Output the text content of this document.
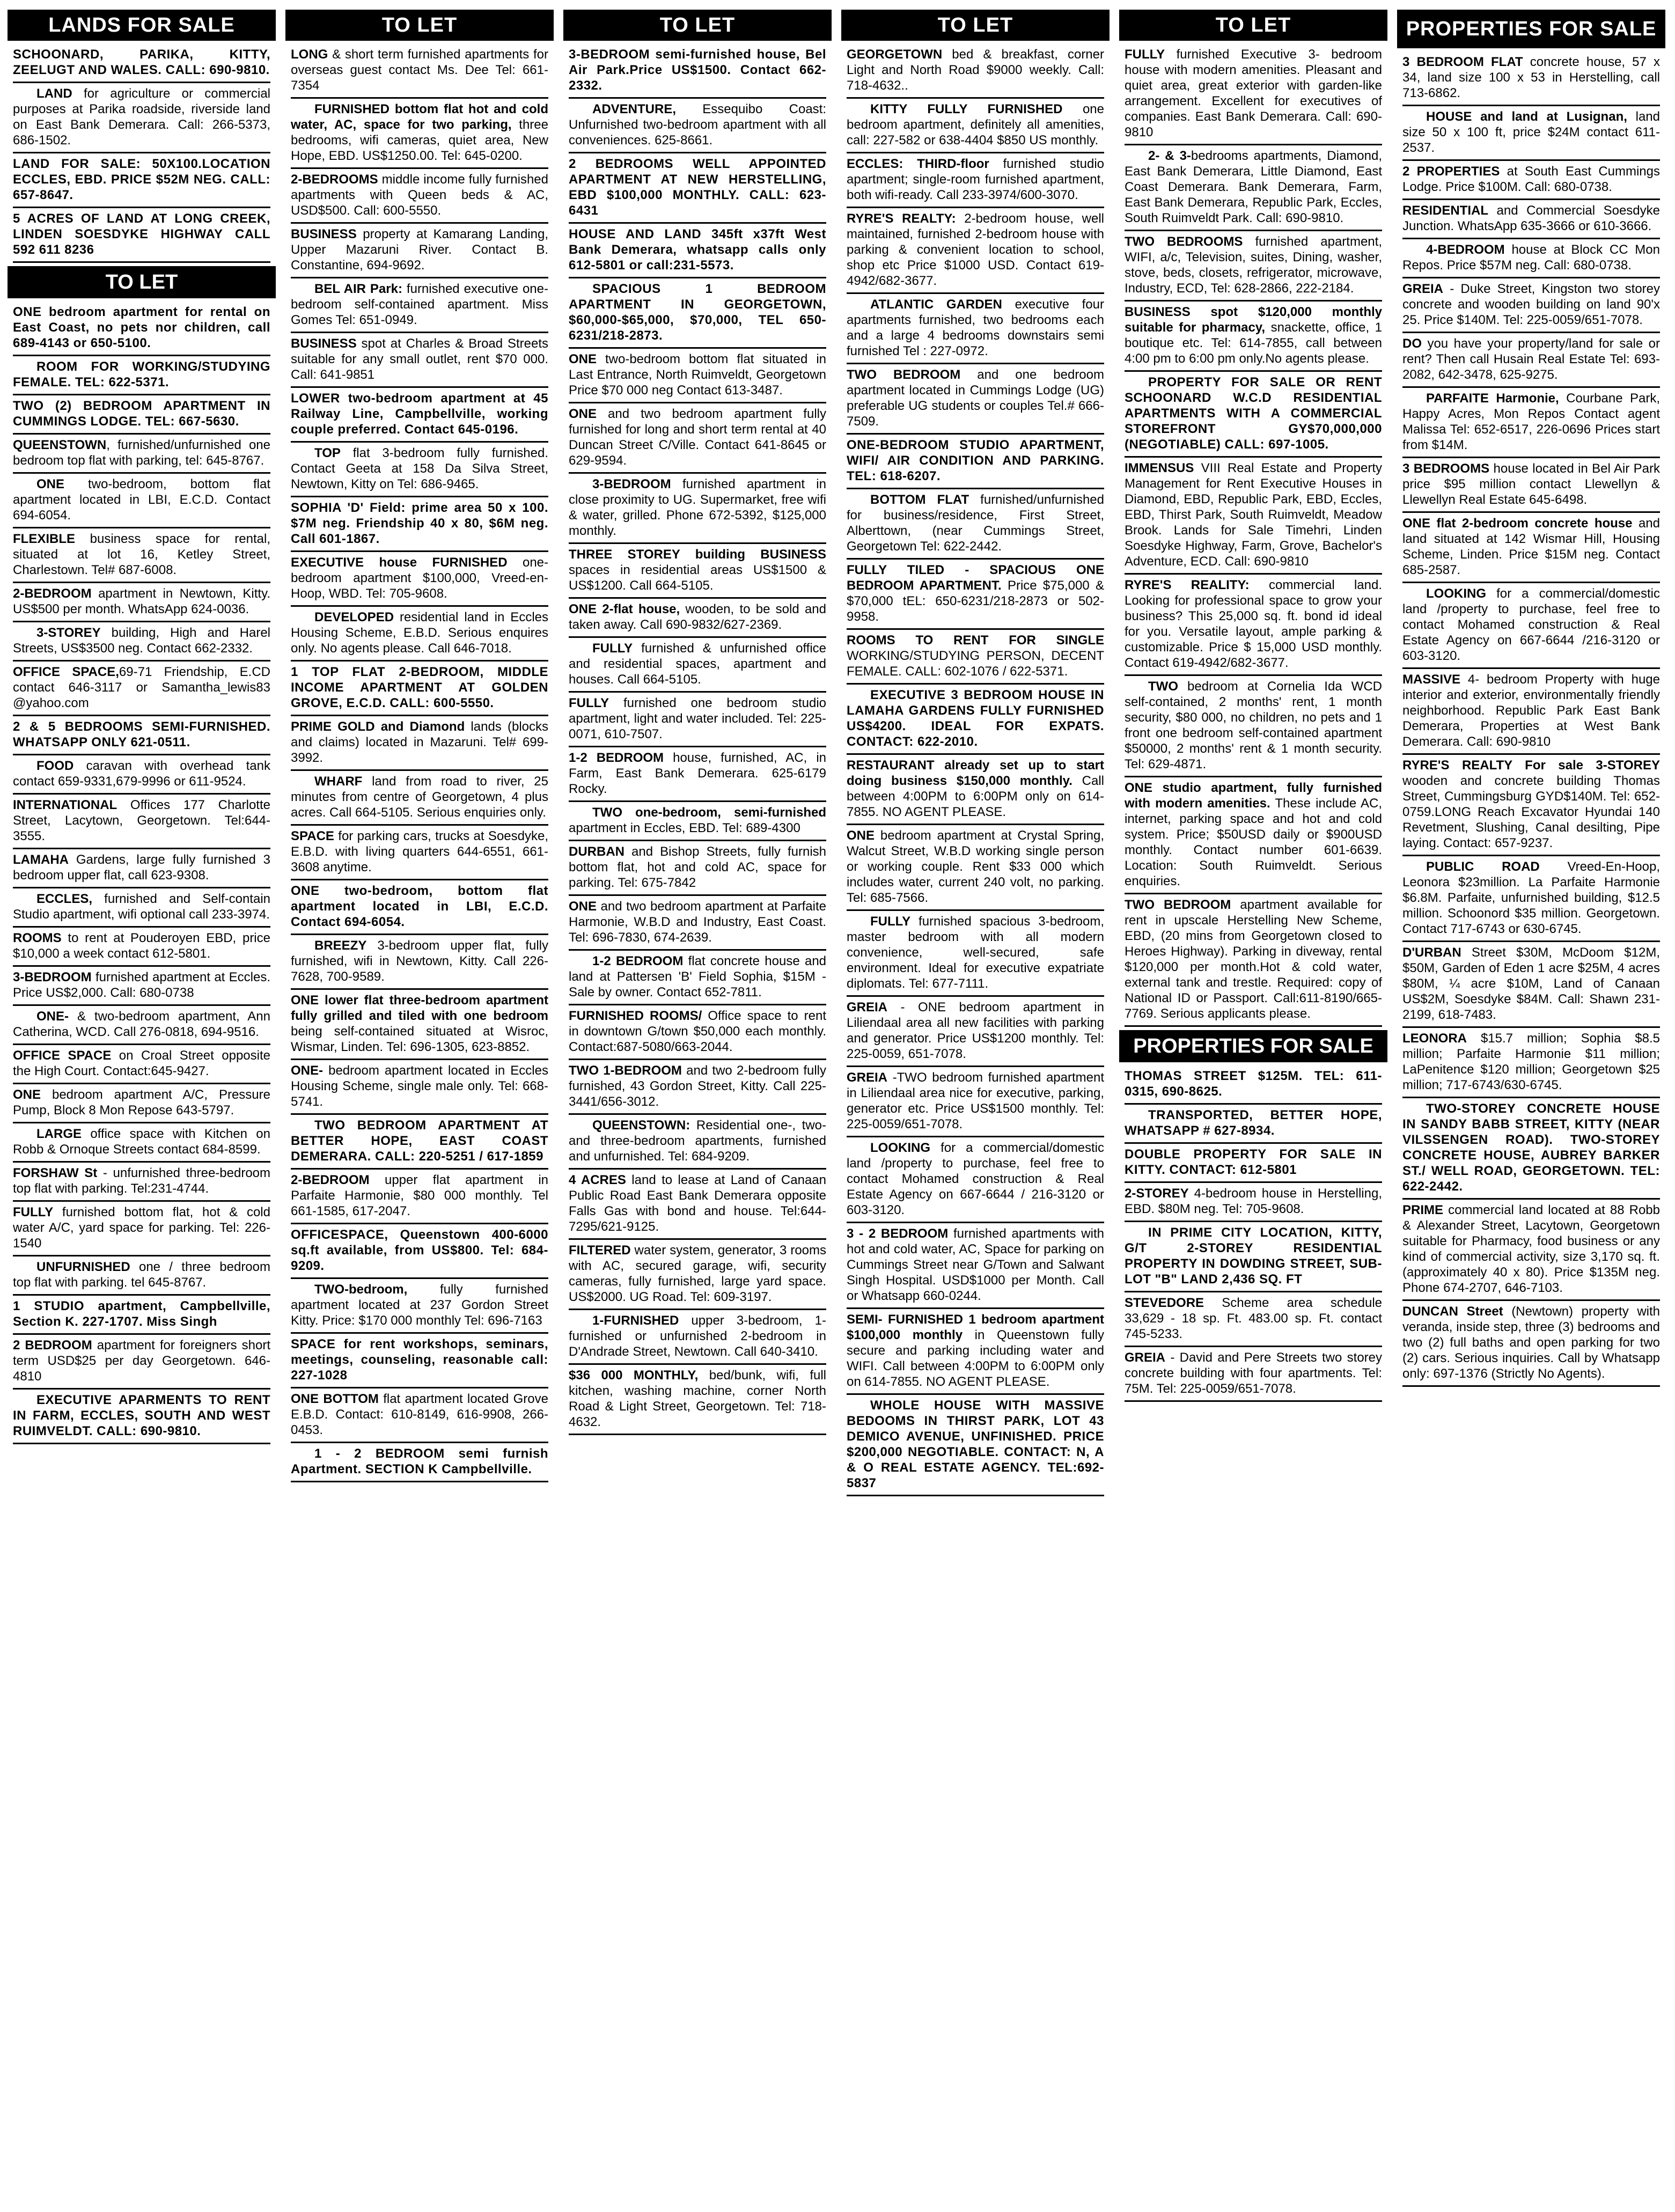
LANDS FOR SALE
SCHOONARD, PARIKA, KITTY, ZEELUGT AND WALES. CALL: 690-9810.
LAND for agriculture or commercial purposes at Parika roadside, riverside land on East Bank Demerara. Call: 266-5373, 686-1502.
LAND FOR SALE: 50X100.LOCATION ECCLES, EBD. PRICE $52M NEG. CALL: 657-8647.
5 ACRES OF LAND AT LONG CREEK, LINDEN SOESDYKE HIGHWAY CALL 592 611 8236
TO LET
ONE bedroom apartment for rental on East Coast, no pets nor children, call 689-4143 or 650-5100.
ROOM FOR WORKING/STUDYING FEMALE. TEL: 622-5371.
TWO (2) BEDROOM APARTMENT IN CUMMINGS LODGE. TEL: 667-5630.
QUEENSTOWN, furnished/unfurnished one bedroom top flat with parking, tel: 645-8767.
ONE two-bedroom, bottom flat apartment located in LBI, E.C.D. Contact 694-6054.
FLEXIBLE business space for rental, situated at lot 16, Ketley Street, Charlestown. Tel# 687-6008.
2-BEDROOM apartment in Newtown, Kitty. US$500 per month. WhatsApp 624-0036.
3-STOREY building, High and Harel Streets, US$3500 neg. Contact 662-2332.
OFFICE SPACE,69-71 Friendship, E.CD contact 646-3117 or Samantha_lewis83 @yahoo.com
2 & 5 BEDROOMS SEMI-FURNISHED. WHATSAPP ONLY 621-0511.
FOOD caravan with overhead tank contact 659-9331,679-9996 or 611-9524.
INTERNATIONAL Offices 177 Charlotte Street, Lacytown, Georgetown. Tel:644-3555.
LAMAHA Gardens, large fully furnished 3 bedroom upper flat, call 623-9308.
ECCLES, furnished and Self-contain Studio apartment, wifi optional call 233-3974.
ROOMS to rent at Pouderoyen EBD, price $10,000 a week contact 612-5801.
3-BEDROOM furnished apartment at Eccles. Price US$2,000. Call: 680-0738
ONE- & two-bedroom apartment, Ann Catherina, WCD. Call 276-0818, 694-9516.
OFFICE SPACE on Croal Street opposite the High Court. Contact:645-9427.
ONE bedroom apartment A/C, Pressure Pump, Block 8 Mon Repose 643-5797.
LARGE office space with Kitchen on Robb & Ornoque Streets contact 684-8599.
FORSHAW St - unfurnished three-bedroom top flat with parking. Tel:231-4744.
FULLY furnished bottom flat, hot & cold water A/C, yard space for parking. Tel: 226-1540
UNFURNISHED one / three bedroom top flat with parking. tel 645-8767.
1 STUDIO apartment, Campbellville, Section K. 227-1707. Miss Singh
2 BEDROOM apartment for foreigners short term USD$25 per day Georgetown. 646-4810
EXECUTIVE APARMENTS TO RENT IN FARM, ECCLES, SOUTH AND WEST RUIMVELDT. CALL: 690-9810.
TO LET
LONG & short term furnished apartments for overseas guest contact Ms. Dee Tel: 661-7354
FURNISHED bottom flat hot and cold water, AC, space for two parking, three bedrooms, wifi cameras, quiet area, New Hope, EBD. US$1250.00. Tel: 645-0200.
2-BEDROOMS middle income fully furnished apartments with Queen beds & AC, USD$500. Call: 600-5550.
BUSINESS property at Kamarang Landing, Upper Mazaruni River. Contact B. Constantine, 694-9692.
BEL AIR Park: furnished executive one-bedroom self-contained apartment. Miss Gomes Tel: 651-0949.
BUSINESS spot at Charles & Broad Streets suitable for any small outlet, rent $70 000. Call: 641-9851
LOWER two-bedroom apartment at 45 Railway Line, Campbellville, working couple preferred. Contact 645-0196.
TOP flat 3-bedroom fully furnished. Contact Geeta at 158 Da Silva Street, Newtown, Kitty on Tel: 686-9465.
SOPHIA 'D' Field: prime area 50 x 100. $7M neg. Friendship 40 x 80, $6M neg. Call 601-1867.
EXECUTIVE house FURNISHED one-bedroom apartment $100,000, Vreed-en-Hoop, WBD. Tel: 705-9608.
DEVELOPED residential land in Eccles Housing Scheme, E.B.D. Serious enquires only. No agents please. Call 646-7018.
1 TOP FLAT 2-BEDROOM, MIDDLE INCOME APARTMENT AT GOLDEN GROVE, E.C.D. CALL: 600-5550.
PRIME GOLD and Diamond lands (blocks and claims) located in Mazaruni. Tel# 699-3992.
WHARF land from road to river, 25 minutes from centre of Georgetown, 4 plus acres. Call 664-5105. Serious enquiries only.
SPACE for parking cars, trucks at Soesdyke, E.B.D. with living quarters 644-6551, 661-3608 anytime.
ONE two-bedroom, bottom flat apartment located in LBI, E.C.D. Contact 694-6054.
BREEZY 3-bedroom upper flat, fully furnished, wifi in Newtown, Kitty. Call 226-7628, 700-9589.
ONE lower flat three-bedroom apartment fully grilled and tiled with one bedroom being self-contained situated at Wisroc, Wismar, Linden. Tel: 696-1305, 623-8852.
ONE- bedroom apartment located in Eccles Housing Scheme, single male only. Tel: 668-5741.
TWO BEDROOM APARTMENT AT BETTER HOPE, EAST COAST DEMERARA. CALL: 220-5251 / 617-1859
2-BEDROOM upper flat apartment in Parfaite Harmonie, $80 000 monthly. Tel 661-1585, 617-2047.
OFFICESPACE, Queenstown 400-6000 sq.ft available, from US$800. Tel: 684-9209.
TWO-bedroom, fully furnished apartment located at 237 Gordon Street Kitty. Price: $170 000 monthly Tel: 696-7163
SPACE for rent workshops, seminars, meetings, counseling, reasonable call: 227-1028
ONE BOTTOM flat apartment located Grove E.B.D. Contact: 610-8149, 616-9908, 266-0453.
1 - 2 BEDROOM semi furnish Apartment. SECTION K Campbellville.
TO LET
3-BEDROOM semi-furnished house, Bel Air Park.Price US$1500. Contact 662-2332.
ADVENTURE, Essequibo Coast: Unfurnished two-bedroom apartment with all conveniences. 625-8661.
2 BEDROOMS WELL APPOINTED APARTMENT AT NEW HERSTELLING, EBD $100,000 MONTHLY. CALL: 623-6431
HOUSE AND LAND 345ft x37ft West Bank Demerara, whatsapp calls only 612-5801 or call:231-5573.
SPACIOUS 1 BEDROOM APARTMENT IN GEORGETOWN, $60,000-$65,000, $70,000, TEL 650-6231/218-2873.
ONE two-bedroom bottom flat situated in Last Entrance, North Ruimveldt, Georgetown Price $70 000 neg Contact 613-3487.
ONE and two bedroom apartment fully furnished for long and short term rental at 40 Duncan Street C/Ville. Contact 641-8645 or 629-9594.
3-BEDROOM furnished apartment in close proximity to UG. Supermarket, free wifi & water, grilled. Phone 672-5392, $125,000 monthly.
THREE STOREY building BUSINESS spaces in residential areas US$1500 & US$1200. Call 664-5105.
ONE 2-flat house, wooden, to be sold and taken away. Call 690-9832/627-2369.
FULLY furnished & unfurnished office and residential spaces, apartment and houses. Call 664-5105.
FULLY furnished one bedroom studio apartment, light and water included. Tel: 225-0071, 610-7507.
1-2 BEDROOM house, furnished, AC, in Farm, East Bank Demerara. 625-6179 Rocky.
TWO one-bedroom, semi-furnished apartment in Eccles, EBD. Tel: 689-4300
DURBAN and Bishop Streets, fully furnish bottom flat, hot and cold AC, space for parking. Tel: 675-7842
ONE and two bedroom apartment at Parfaite Harmonie, W.B.D and Industry, East Coast. Tel: 696-7830, 674-2639.
1-2 BEDROOM flat concrete house and land at Pattersen 'B' Field Sophia, $15M - Sale by owner. Contact 652-7811.
FURNISHED ROOMS/ Office space to rent in downtown G/town $50,000 each monthly. Contact:687-5080/663-2044.
TWO 1-BEDROOM and two 2-bedroom fully furnished, 43 Gordon Street, Kitty. Call 225- 3441/656-3012.
QUEENSTOWN: Residential one-, two- and three-bedroom apartments, furnished and unfurnished. Tel: 684-9209.
4 ACRES land to lease at Land of Canaan Public Road East Bank Demerara opposite Falls Gas with bond and house. Tel:644-7295/621-9125.
FILTERED water system, generator, 3 rooms with AC, secured garage, wifi, security cameras, fully furnished, large yard space. US$2000. UG Road. Tel: 609-3197.
1-FURNISHED upper 3-bedroom, 1-furnished or unfurnished 2-bedroom in D'Andrade Street, Newtown. Call 640-3410.
$36 000 MONTHLY, bed/bunk, wifi, full kitchen, washing machine, corner North Road & Light Street, Georgetown. Tel: 718-4632.
TO LET
GEORGETOWN bed & breakfast, corner Light and North Road $9000 weekly. Call: 718-4632..
KITTY FULLY FURNISHED one bedroom apartment, definitely all amenities, call: 227-582 or 638-4404 $850 US monthly.
ECCLES: THIRD-floor furnished studio apartment; single-room furnished apartment, both wifi-ready. Call 233-3974/600-3070.
RYRE'S REALTY: 2-bedroom house, well maintained, furnished 2-bedroom house with parking & convenient location to school, shop etc Price $1000 USD. Contact 619-4942/682-3677.
ATLANTIC GARDEN executive four apartments furnished, two bedrooms each and a large 4 bedrooms downstairs semi furnished Tel : 227-0972.
TWO BEDROOM and one bedroom apartment located in Cummings Lodge (UG) preferable UG students or couples Tel.# 666-7509.
ONE-BEDROOM STUDIO APARTMENT, WIFI/ AIR CONDITION AND PARKING. TEL: 618-6207.
BOTTOM FLAT furnished/unfurnished for business/residence, First Street, Alberttown, (near Cummings Street, Georgetown Tel: 622-2442.
FULLY TILED - SPACIOUS ONE BEDROOM APARTMENT. Price $75,000 & $70,000 tEL: 650-6231/218-2873 or 502-9958.
ROOMS TO RENT FOR SINGLE WORKING/STUDYING PERSON, DECENT FEMALE. CALL: 602-1076 / 622-5371.
EXECUTIVE 3 BEDROOM HOUSE IN LAMAHA GARDENS FULLY FURNISHED US$4200. IDEAL FOR EXPATS. CONTACT: 622-2010.
RESTAURANT already set up to start doing business $150,000 monthly. Call between 4:00PM to 6:00PM only on 614-7855. NO AGENT PLEASE.
ONE bedroom apartment at Crystal Spring, Walcut Street, W.B.D working single person or working couple. Rent $33 000 which includes water, current 240 volt, no parking. Tel: 685-7566.
FULLY furnished spacious 3-bedroom, master bedroom with all modern convenience, well-secured, safe environment. Ideal for executive expatriate diplomats. Tel: 677-7111.
GREIA - ONE bedroom apartment in Liliendaal area all new facilities with parking and generator. Price US$1200 monthly. Tel: 225-0059, 651-7078.
GREIA -TWO bedroom furnished apartment in Liliendaal area nice for executive, parking, generator etc. Price US$1500 monthly. Tel: 225-0059/651-7078.
LOOKING for a commercial/domestic land /property to purchase, feel free to contact Mohamed construction & Real Estate Agency on 667-6644 / 216-3120 or 603-3120.
3 - 2 BEDROOM furnished apartments with hot and cold water, AC, Space for parking on Cummings Street near G/Town and Salwant Singh Hospital. USD$1000 per Month. Call or Whatsapp 660-0244.
SEMI- FURNISHED 1 bedroom apartment $100,000 monthly in Queenstown fully secure and parking including water and WIFI. Call between 4:00PM to 6:00PM only on 614-7855. NO AGENT PLEASE.
WHOLE HOUSE WITH MASSIVE BEDOOMS IN THIRST PARK, LOT 43 DEMICO AVENUE, UNFINISHED. PRICE $200,000 NEGOTIABLE. CONTACT: N, A & O REAL ESTATE AGENCY. TEL:692-5837
TO LET
FULLY furnished Executive 3- bedroom house with modern amenities. Pleasant and quiet area, great exterior with garden-like arrangement. Excellent for executives of companies. East Bank Demerara. Call: 690-9810
2- & 3-bedrooms apartments, Diamond, East Bank Demerara, Little Diamond, East Coast Demerara. Bank Demerara, Farm, East Bank Demerara, Republic Park, Eccles, South Ruimveldt Park. Call: 690-9810.
TWO BEDROOMS furnished apartment, WIFI, a/c, Television, suites, Dining, washer, stove, beds, closets, refrigerator, microwave, Industry, ECD, Tel: 628-2866, 222-2184.
BUSINESS spot $120,000 monthly suitable for pharmacy, snackette, office, 1 boutique etc. Tel: 614-7855, call between 4:00 pm to 6:00 pm only.No agents please.
PROPERTY FOR SALE OR RENT SCHOONARD W.C.D RESIDENTIAL APARTMENTS WITH A COMMERCIAL STOREFRONT GY$70,000,000 (NEGOTIABLE) CALL: 697-1005.
IMMENSUS VIII Real Estate and Property Management for Rent Executive Houses in Diamond, EBD, Republic Park, EBD, Eccles, EBD, Thirst Park, South Ruimveldt, Meadow Brook. Lands for Sale Timehri, Linden Soesdyke Highway, Farm, Grove, Bachelor's Adventure, ECD. Call: 690-9810
RYRE'S REALITY: commercial land. Looking for professional space to grow your business? This 25,000 sq. ft. bond id ideal for you. Versatile layout, ample parking & customizable. Price $ 15,000 USD monthly. Contact 619-4942/682-3677.
TWO bedroom at Cornelia Ida WCD self-contained, 2 months' rent, 1 month security, $80 000, no children, no pets and 1 front one bedroom self-contained apartment $50000, 2 months' rent & 1 month security. Tel: 629-4871.
ONE studio apartment, fully furnished with modern amenities. These include AC, internet, parking space and hot and cold system. Price; $50USD daily or $900USD monthly. Contact number 601-6639. Location: South Ruimveldt. Serious enquiries.
TWO BEDROOM apartment available for rent in upscale Herstelling New Scheme, EBD, (20 mins from Georgetown closed to Heroes Highway). Parking in diveway, rental $120,000 per month.Hot & cold water, external tank and trestle. Required: copy of National ID or Passport. Call:611-8190/665-7769. Serious applicants please.
PROPERTIES FOR SALE
THOMAS STREET $125M. TEL: 611-0315, 690-8625.
TRANSPORTED, BETTER HOPE, WHATSAPP # 627-8934.
DOUBLE PROPERTY FOR SALE IN KITTY. CONTACT: 612-5801
2-STOREY 4-bedroom house in Herstelling, EBD. $80M neg. Tel: 705-9608.
IN PRIME CITY LOCATION, KITTY, G/T 2-STOREY RESIDENTIAL PROPERTY IN DOWDING STREET, SUB-LOT "B" LAND 2,436 SQ. FT
STEVEDORE Scheme area schedule 33,629 - 18 sp. Ft. 483.00 sp. Ft. contact 745-5233.
GREIA - David and Pere Streets two storey concrete building with four apartments. Tel: 75M. Tel: 225-0059/651-7078.
PROPERTIES FOR SALE
3 BEDROOM FLAT concrete house, 57 x 34, land size 100 x 53 in Herstelling, call 713-6862.
HOUSE and land at Lusignan, land size 50 x 100 ft, price $24M contact 611-2537.
2 PROPERTIES at South East Cummings Lodge. Price $100M. Call: 680-0738.
RESIDENTIAL and Commercial Soesdyke Junction. WhatsApp 635-3666 or 610-3666.
4-BEDROOM house at Block CC Mon Repos. Price $57M neg. Call: 680-0738.
GREIA - Duke Street, Kingston two storey concrete and wooden building on land 90'x 25. Price $140M. Tel: 225-0059/651-7078.
DO you have your property/land for sale or rent? Then call Husain Real Estate Tel: 693-2082, 642-3478, 625-9275.
PARFAITE Harmonie, Courbane Park, Happy Acres, Mon Repos Contact agent Malissa Tel: 652-6517, 226-0696 Prices start from $14M.
3 BEDROOMS house located in Bel Air Park price $95 million contact Llewellyn & Llewellyn Real Estate 645-6498.
ONE flat 2-bedroom concrete house and land situated at 142 Wismar Hill, Housing Scheme, Linden. Price $15M neg. Contact 685-2587.
LOOKING for a commercial/domestic land /property to purchase, feel free to contact Mohamed construction & Real Estate Agency on 667-6644 /216-3120 or 603-3120.
MASSIVE 4- bedroom Property with huge interior and exterior, environmentally friendly neighborhood. Republic Park East Bank Demerara, Properties at West Bank Demerara. Call: 690-9810
RYRE'S REALTY For sale 3-STOREY wooden and concrete building Thomas Street, Cummingsburg GYD$140M. Tel: 652-0759.LONG Reach Excavator Hyundai 140 Revetment, Slushing, Canal desilting, Pipe laying. Contact: 657-9237.
PUBLIC ROAD Vreed-En-Hoop, Leonora $23million. La Parfaite Harmonie $6.8M. Parfaite, unfurnished building, $12.5 million. Schoonord $35 million. Georgetown. Contact 717-6743 or 630-6745.
D'URBAN Street $30M, McDoom $12M, $50M, Garden of Eden 1 acre $25M, 4 acres $80M, ¼ acre $10M, Land of Canaan US$2M, Soesdyke $84M. Call: Shawn 231-2199, 618-7483.
LEONORA $15.7 million; Sophia $8.5 million; Parfaite Harmonie $11 million; LaPenitence $120 million; Georgetown $25 million; 717-6743/630-6745.
TWO-STOREY CONCRETE HOUSE IN SANDY BABB STREET, KITTY (NEAR VILSSENGEN ROAD). TWO-STOREY CONCRETE HOUSE, AUBREY BARKER ST./ WELL ROAD, GEORGETOWN. TEL: 622-2442.
PRIME commercial land located at 88 Robb & Alexander Street, Lacytown, Georgetown suitable for Pharmacy, food business or any kind of commercial activity, size 3,170 sq. ft. (approximately 40 x 80). Price $135M neg. Phone 674-2707, 646-7103.
DUNCAN Street (Newtown) property with veranda, inside step, three (3) bedrooms and two (2) full baths and open parking for two (2) cars. Serious inquiries. Call by Whatsapp only: 697-1376 (Strictly No Agents).
